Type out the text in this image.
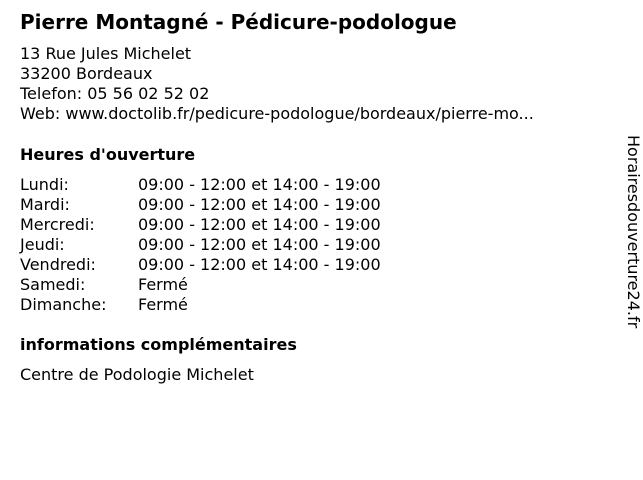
Pierre Montagné - Pédicure-podologue
13 Rue Jules Michelet
33200 Bordeaux
Telefon: 05 56 02 52 02
Web: www.doctolib.fr/pedicure-podologue/bordeaux/pierre-mo...
Heures d'ouverture
Lundi:	09:00 - 12:00 et 14:00 - 19:00
Mardi:	09:00 - 12:00 et 14:00 - 19:00
Mercredi:	09:00 - 12:00 et 14:00 - 19:00
Jeudi:	09:00 - 12:00 et 14:00 - 19:00
Vendredi:	09:00 - 12:00 et 14:00 - 19:00
Samedi:	Fermé
Dimanche:	Fermé
informations complémentaires
Centre de Podologie Michelet
Horairesdouverture24.fr
